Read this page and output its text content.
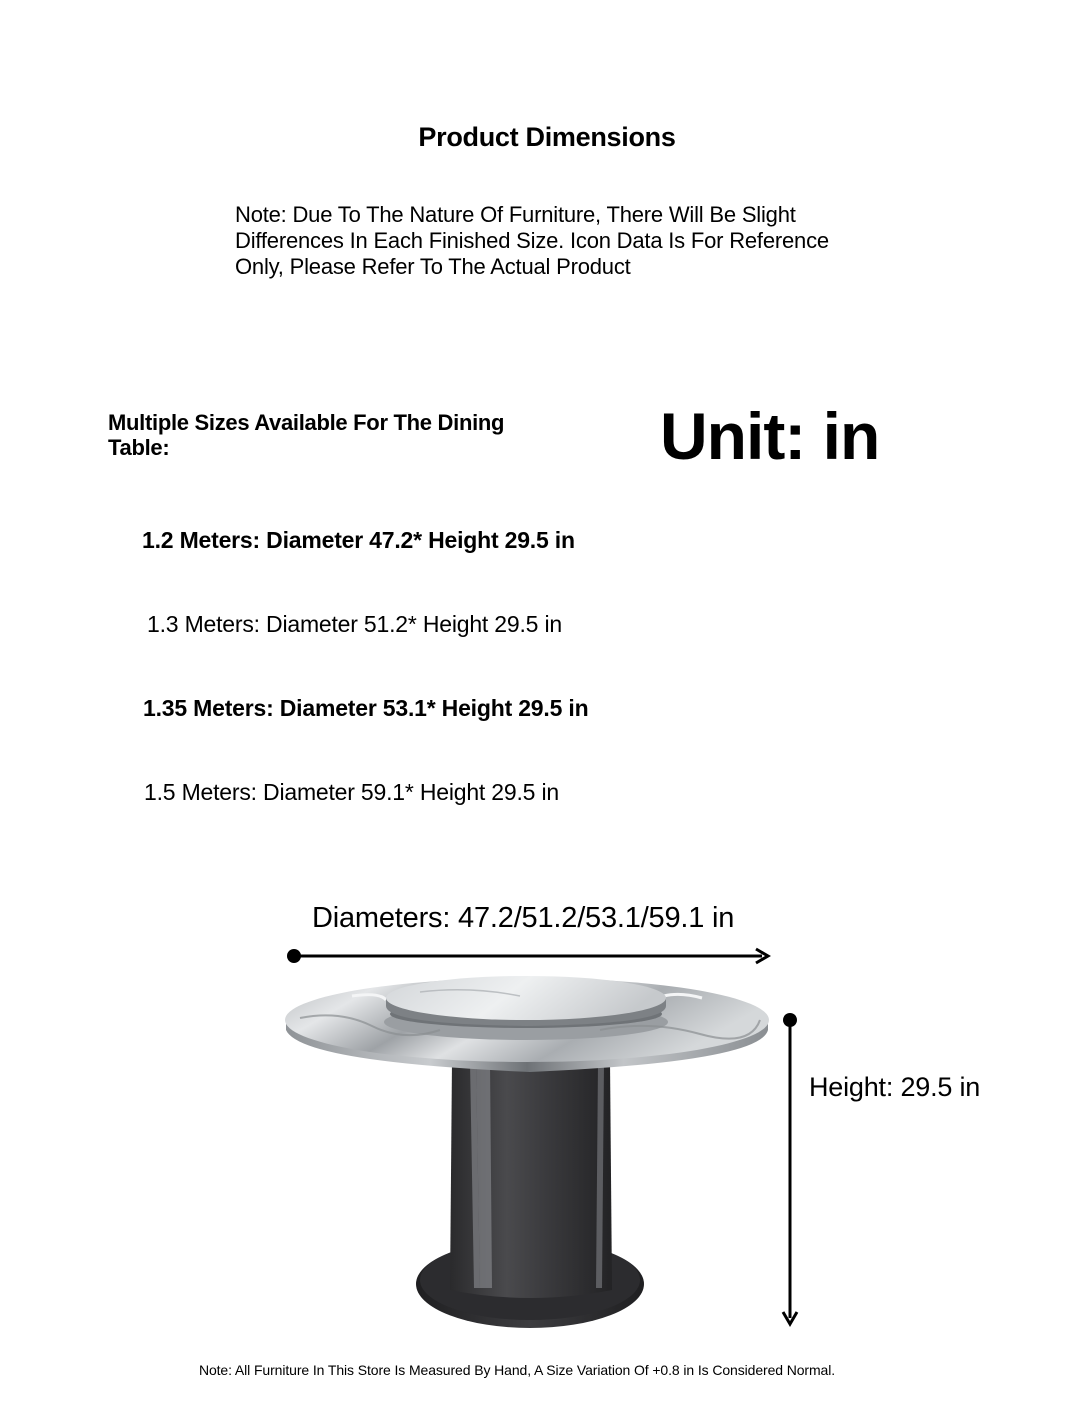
Product Dimensions
Note: Due To The Nature Of Furniture, There Will Be Slight Differences In Each Finished Size. Icon Data Is For Reference Only, Please Refer To The Actual Product
Multiple Sizes Available For The Dining Table:	Unit: in
1.2 Meters: Diameter 47.2* Height 29.5 in
1.3 Meters: Diameter 51.2* Height 29.5 in
1.35 Meters: Diameter 53.1* Height 29.5 in
1.5 Meters: Diameter 59.1* Height 29.5 in
Diameters: 47.2/51.2/53.1/59.1 in
Height: 29.5 in
Note: All Furniture In This Store Is Measured By Hand, A Size Variation Of +0.8 in Is Considered Normal.
